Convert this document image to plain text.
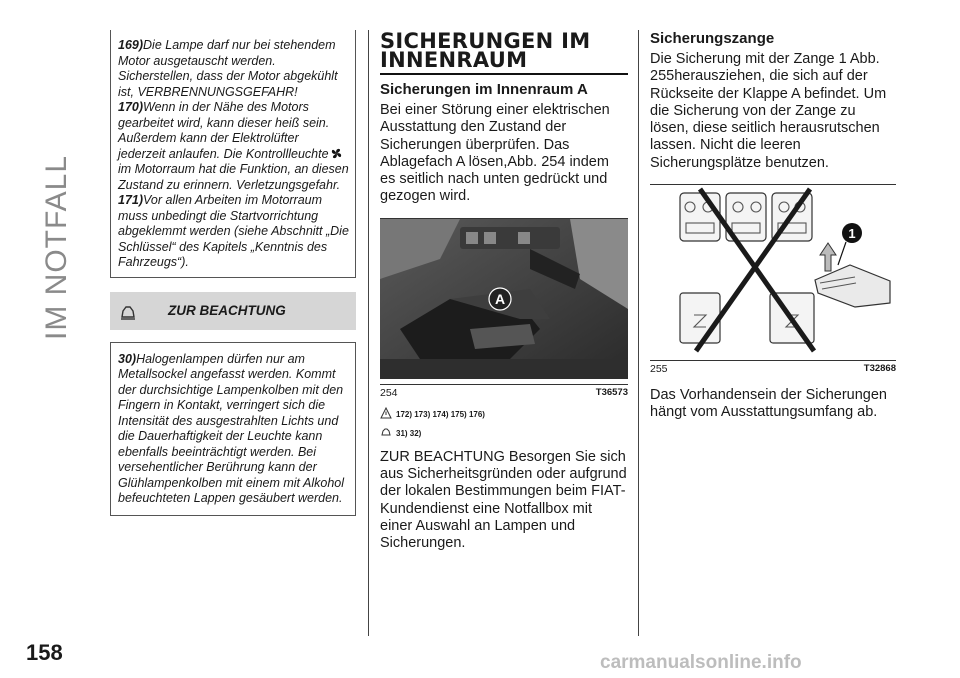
IM NOTFALL
158	carmanualsonline.info
169)Die Lampe darf nur bei stehendem Motor ausgetauscht werden. Sicherstellen, dass der Motor abgekühlt ist, VERBRENNUNGSGEFAHR!
170)Wenn in der Nähe des Motors gearbeitet wird, kann dieser heiß sein. Außerdem kann der Elektrolüfter jederzeit anlaufen. Die Kontrollleuchteim Motorraum hat die Funktion, an diesen Zustand zu erinnern. Verletzungsgefahr.
171)Vor allen Arbeiten im Motorraum muss unbedingt die Startvorrichtung abgeklemmt werden (siehe Abschnitt „Die Schlüssel“ des Kapitels „Kenntnis des Fahrzeugs“).
ZUR BEACHTUNG
30)Halogenlampen dürfen nur am Metallsockel angefasst werden. Kommt der durchsichtige Lampenkolben mit den Fingern in Kontakt, verringert sich die Intensität des ausgestrahlten Lichts und die Dauerhaftigkeit der Leuchte kann ebenfalls beeinträchtigt werden. Bei versehentlicher Berührung kann der Glühlampenkolben mit einem mit Alkohol befeuchteten Lappen gesäubert werden.
SICHERUNGEN IM
INNENRAUM
Sicherungen im Innenraum A
Bei einer Störung einer elektrischen Ausstattung den Zustand der Sicherungen überprüfen. Das Ablagefach A lösen,Abb. 254 indem es seitlich nach unten gedrückt und gezogen wird.
A
254	T36573
172) 173) 174) 175) 176)
31) 32)
ZUR BEACHTUNG Besorgen Sie sich aus Sicherheitsgründen oder aufgrund der lokalen Bestimmungen beim FIAT-Kundendienst eine Notfallbox mit einer Auswahl an Lampen und Sicherungen.
Sicherungszange
Die Sicherung mit der Zange 1 Abb. 255herausziehen, die sich auf der Rückseite der Klappe A befindet. Um die Sicherung von der Zange zu lösen, diese seitlich herausrutschen lassen. Nicht die leeren Sicherungsplätze benutzen.
1
255	T32868
Das Vorhandensein der Sicherungen hängt vom Ausstattungsumfang ab.
